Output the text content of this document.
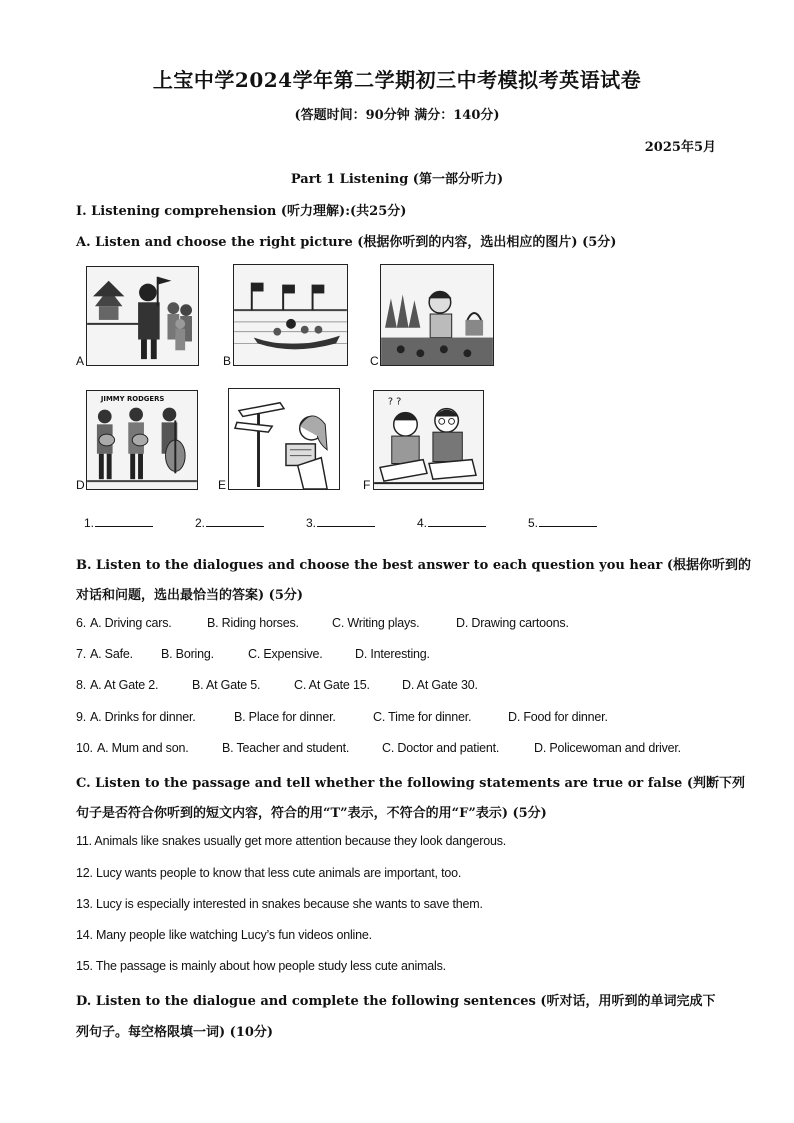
上宝中学2024学年第二学期初三中考模拟考英语试卷
(答题时间：90分钟 满分：140分)
2025年5月
Part 1 Listening (第一部分听力)
I. Listening comprehension (听力理解):(共25分)
A. Listen and choose the right picture (根据你听到的内容，选出相应的图片) (5分)
A	B	C
JIMMY RODGERS
D	E
? ?
F
1.	2.	3.	4.	5.
B. Listen to the dialogues and choose the best answer to each question you hear (根据你听到的
对话和问题，选出最恰当的答案) (5分)
6. A. Driving cars.	B. Riding horses.	C. Writing plays.	D. Drawing cartoons.
7. A. Safe. B. Boring.	C. Expensive.	D. Interesting.
8. A. At Gate 2.	B. At Gate 5.	C. At Gate 15.	D. At Gate 30.
9. A. Drinks for dinner.	B. Place for dinner.	C. Time for dinner.	D. Food for dinner.
10. A. Mum and son.	B. Teacher and student.	C. Doctor and patient.	D. Policewoman and driver.
C. Listen to the passage and tell whether the following statements are true or false (判断下列
句子是否符合你听到的短文内容，符合的用“T”表示，不符合的用“F”表示) (5分)
11. Animals like snakes usually get more attention because they look dangerous.
12. Lucy wants people to know that less cute animals are important, too.
13. Lucy is especially interested in snakes because she wants to save them.
14. Many people like watching Lucy’s fun videos online.
15. The passage is mainly about how people study less cute animals.
D. Listen to the dialogue and complete the following sentences (听对话，用听到的单词完成下
列句子。每空格限填一词) (10分)
